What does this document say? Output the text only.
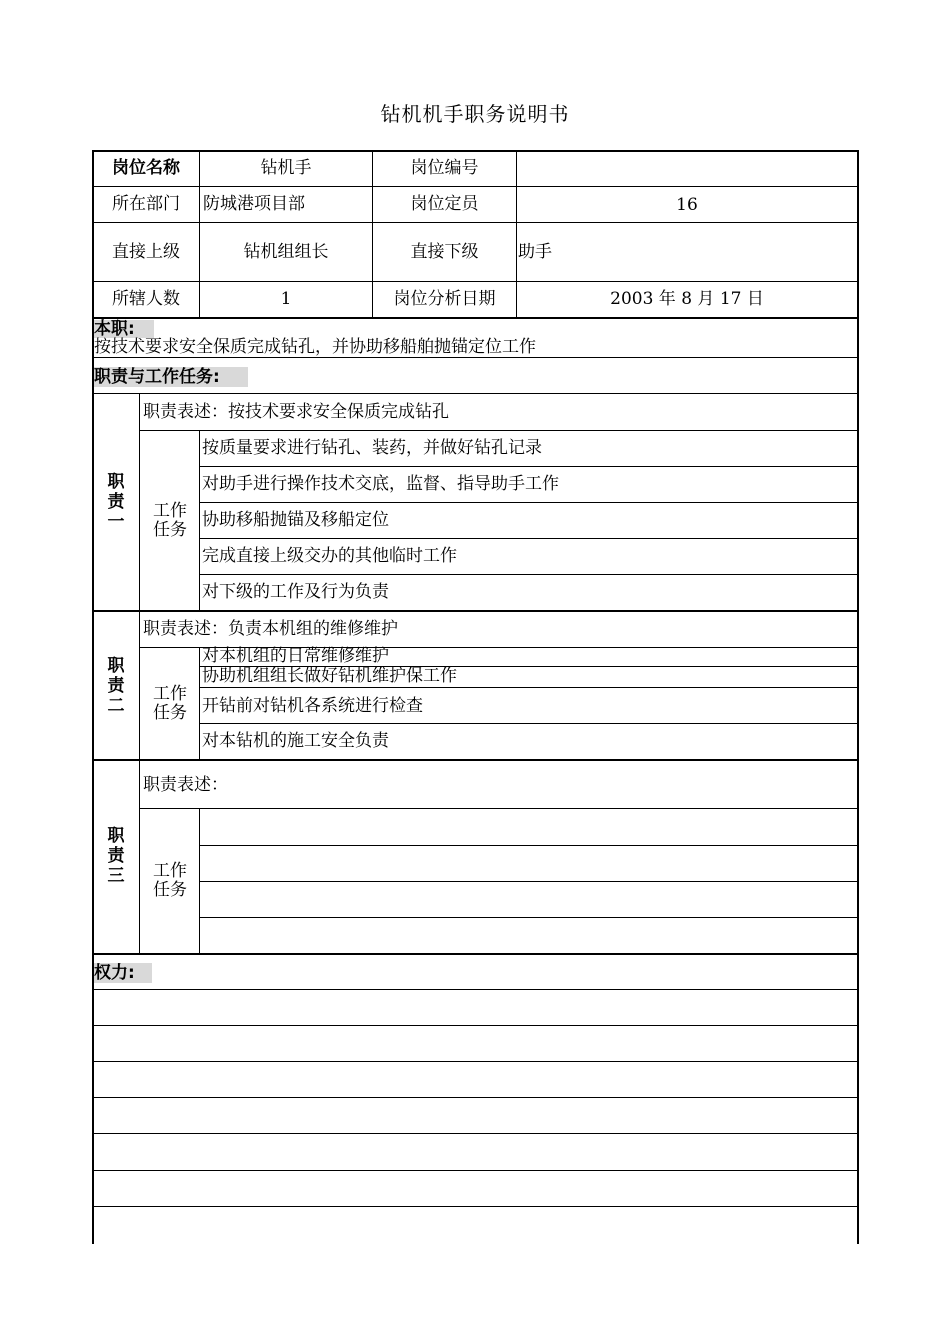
钻机机手职务说明书
岗位名称	钻机手	岗位编号
所在部门	防城港项目部	岗位定员	16
直接上级	钻机组组长	直接下级	助手
所辖人数	1	岗位分析日期	2003 年 8 月 17 日
本职:
按技术要求安全保质完成钻孔，并协助移船舶抛锚定位工作
职责与工作任务:
职
责
一
职责表述：按技术要求安全保质完成钻孔
工作
任务
按质量要求进行钻孔、装药，并做好钻孔记录
对助手进行操作技术交底，监督、指导助手工作
协助移船抛锚及移船定位
完成直接上级交办的其他临时工作
对下级的工作及行为负责
职
责
二
职责表述：负责本机组的维修维护
工作
任务
对本机组的日常维修维护
协助机组组长做好钻机维护保工作
开钻前对钻机各系统进行检查
对本钻机的施工安全负责
职
责
三
职责表述：
工作
任务
权力:
